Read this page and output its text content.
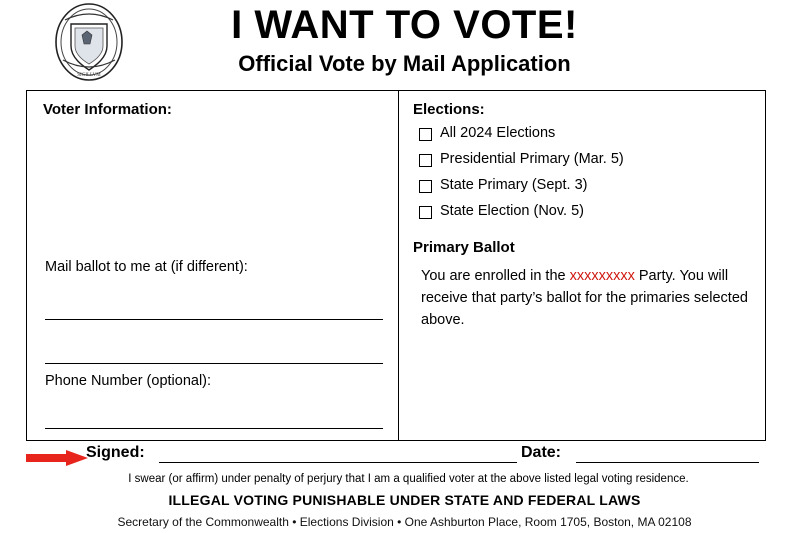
SIGILLVM
I WANT TO VOTE!
Official Vote by Mail Application
Voter Information:
Mail ballot to me at (if different):
Phone Number (optional):
Elections:
All 2024 Elections
Presidential Primary (Mar. 5)
State Primary (Sept. 3)
State Election (Nov. 5)
Primary Ballot
You are enrolled in the xxxxxxxxx Party. You will receive that party’s ballot for the primaries selected above.
Signed:	Date:
I swear (or affirm) under penalty of perjury that I am a qualified voter at the above listed legal voting residence.
ILLEGAL VOTING PUNISHABLE UNDER STATE AND FEDERAL LAWS
Secretary of the Commonwealth • Elections Division • One Ashburton Place, Room 1705, Boston, MA 02108
